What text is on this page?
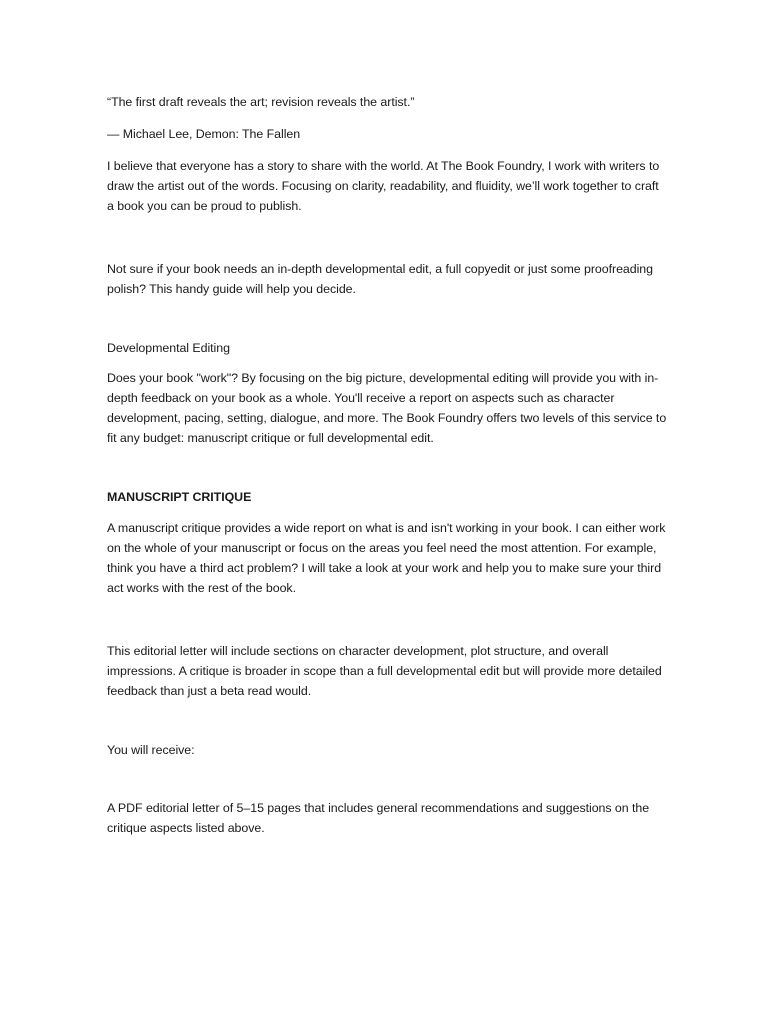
“The first draft reveals the art; revision reveals the artist.”

— Michael Lee, Demon: The Fallen

I believe that everyone has a story to share with the world. At The Book Foundry, I work with writers to draw the artist out of the words. Focusing on clarity, readability, and fluidity, we’ll work together to craft a book you can be proud to publish.

Not sure if your book needs an in-depth developmental edit, a full copyedit or just some proofreading polish? This handy guide will help you decide.

Developmental Editing

Does your book "work"? By focusing on the big picture, developmental editing will provide you with in-depth feedback on your book as a whole. You'll receive a report on aspects such as character development, pacing, setting, dialogue, and more. The Book Foundry offers two levels of this service to fit any budget: manuscript critique or full developmental edit.

MANUSCRIPT CRITIQUE

A manuscript critique provides a wide report on what is and isn't working in your book. I can either work on the whole of your manuscript or focus on the areas you feel need the most attention. For example, think you have a third act problem? I will take a look at your work and help you to make sure your third act works with the rest of the book.

This editorial letter will include sections on character development, plot structure, and overall impressions. A critique is broader in scope than a full developmental edit but will provide more detailed feedback than just a beta read would.

You will receive:

A PDF editorial letter of 5–15 pages that includes general recommendations and suggestions on the critique aspects listed above.
